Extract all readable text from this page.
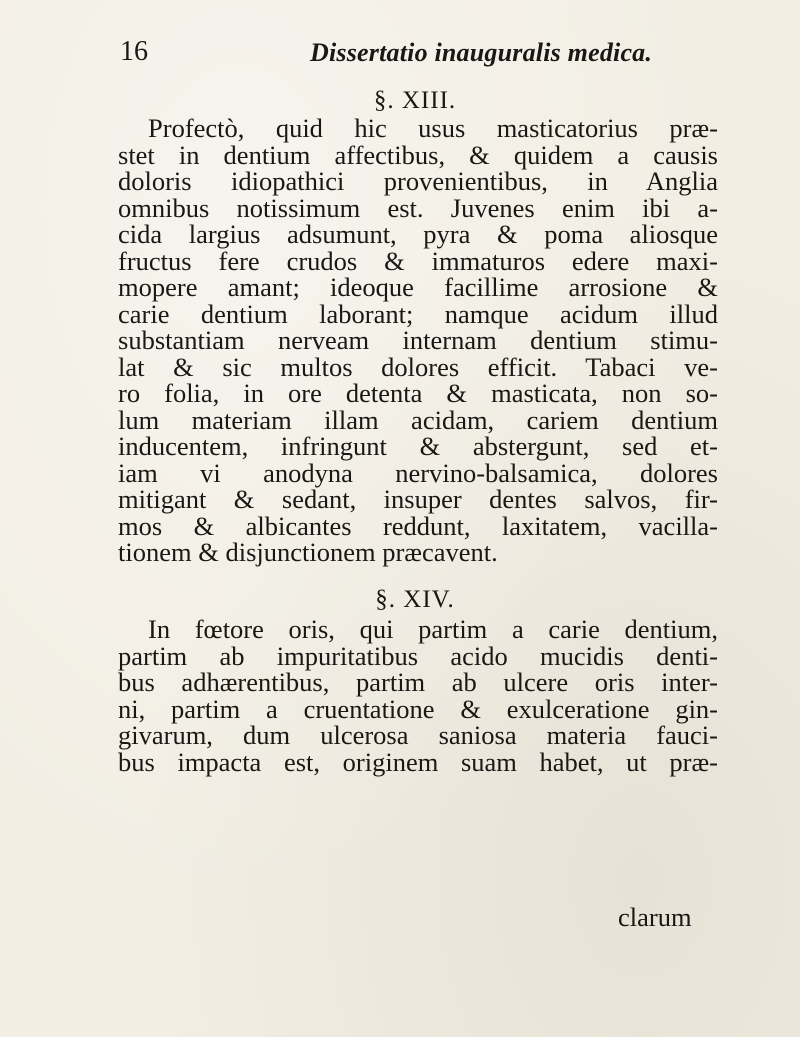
16	Dissertatio inauguralis medica.
§. XIII.
Profectò, quid hic usus masticatorius præ-
stet in dentium affectibus, & quidem a causis
doloris idiopathici provenientibus, in Anglia
omnibus notissimum est. Juvenes enim ibi a-
cida largius adsumunt, pyra & poma aliosque
fructus fere crudos & immaturos edere maxi-
mopere amant; ideoque facillime arrosione &
carie dentium laborant; namque acidum illud
substantiam nerveam internam dentium stimu-
lat & sic multos dolores efficit. Tabaci ve-
ro folia, in ore detenta & masticata, non so-
lum materiam illam acidam, cariem dentium
inducentem, infringunt & abstergunt, sed et-
iam vi anodyna nervino-balsamica, dolores
mitigant & sedant, insuper dentes salvos, fir-
mos & albicantes reddunt, laxitatem, vacilla-
tionem & disjunctionem præcavent.
§. XIV.
In fœtore oris, qui partim a carie dentium,
partim ab impuritatibus acido mucidis denti-
bus adhærentibus, partim ab ulcere oris inter-
ni, partim a cruentatione & exulceratione gin-
givarum, dum ulcerosa saniosa materia fauci-
bus impacta est, originem suam habet, ut præ-
clarum
